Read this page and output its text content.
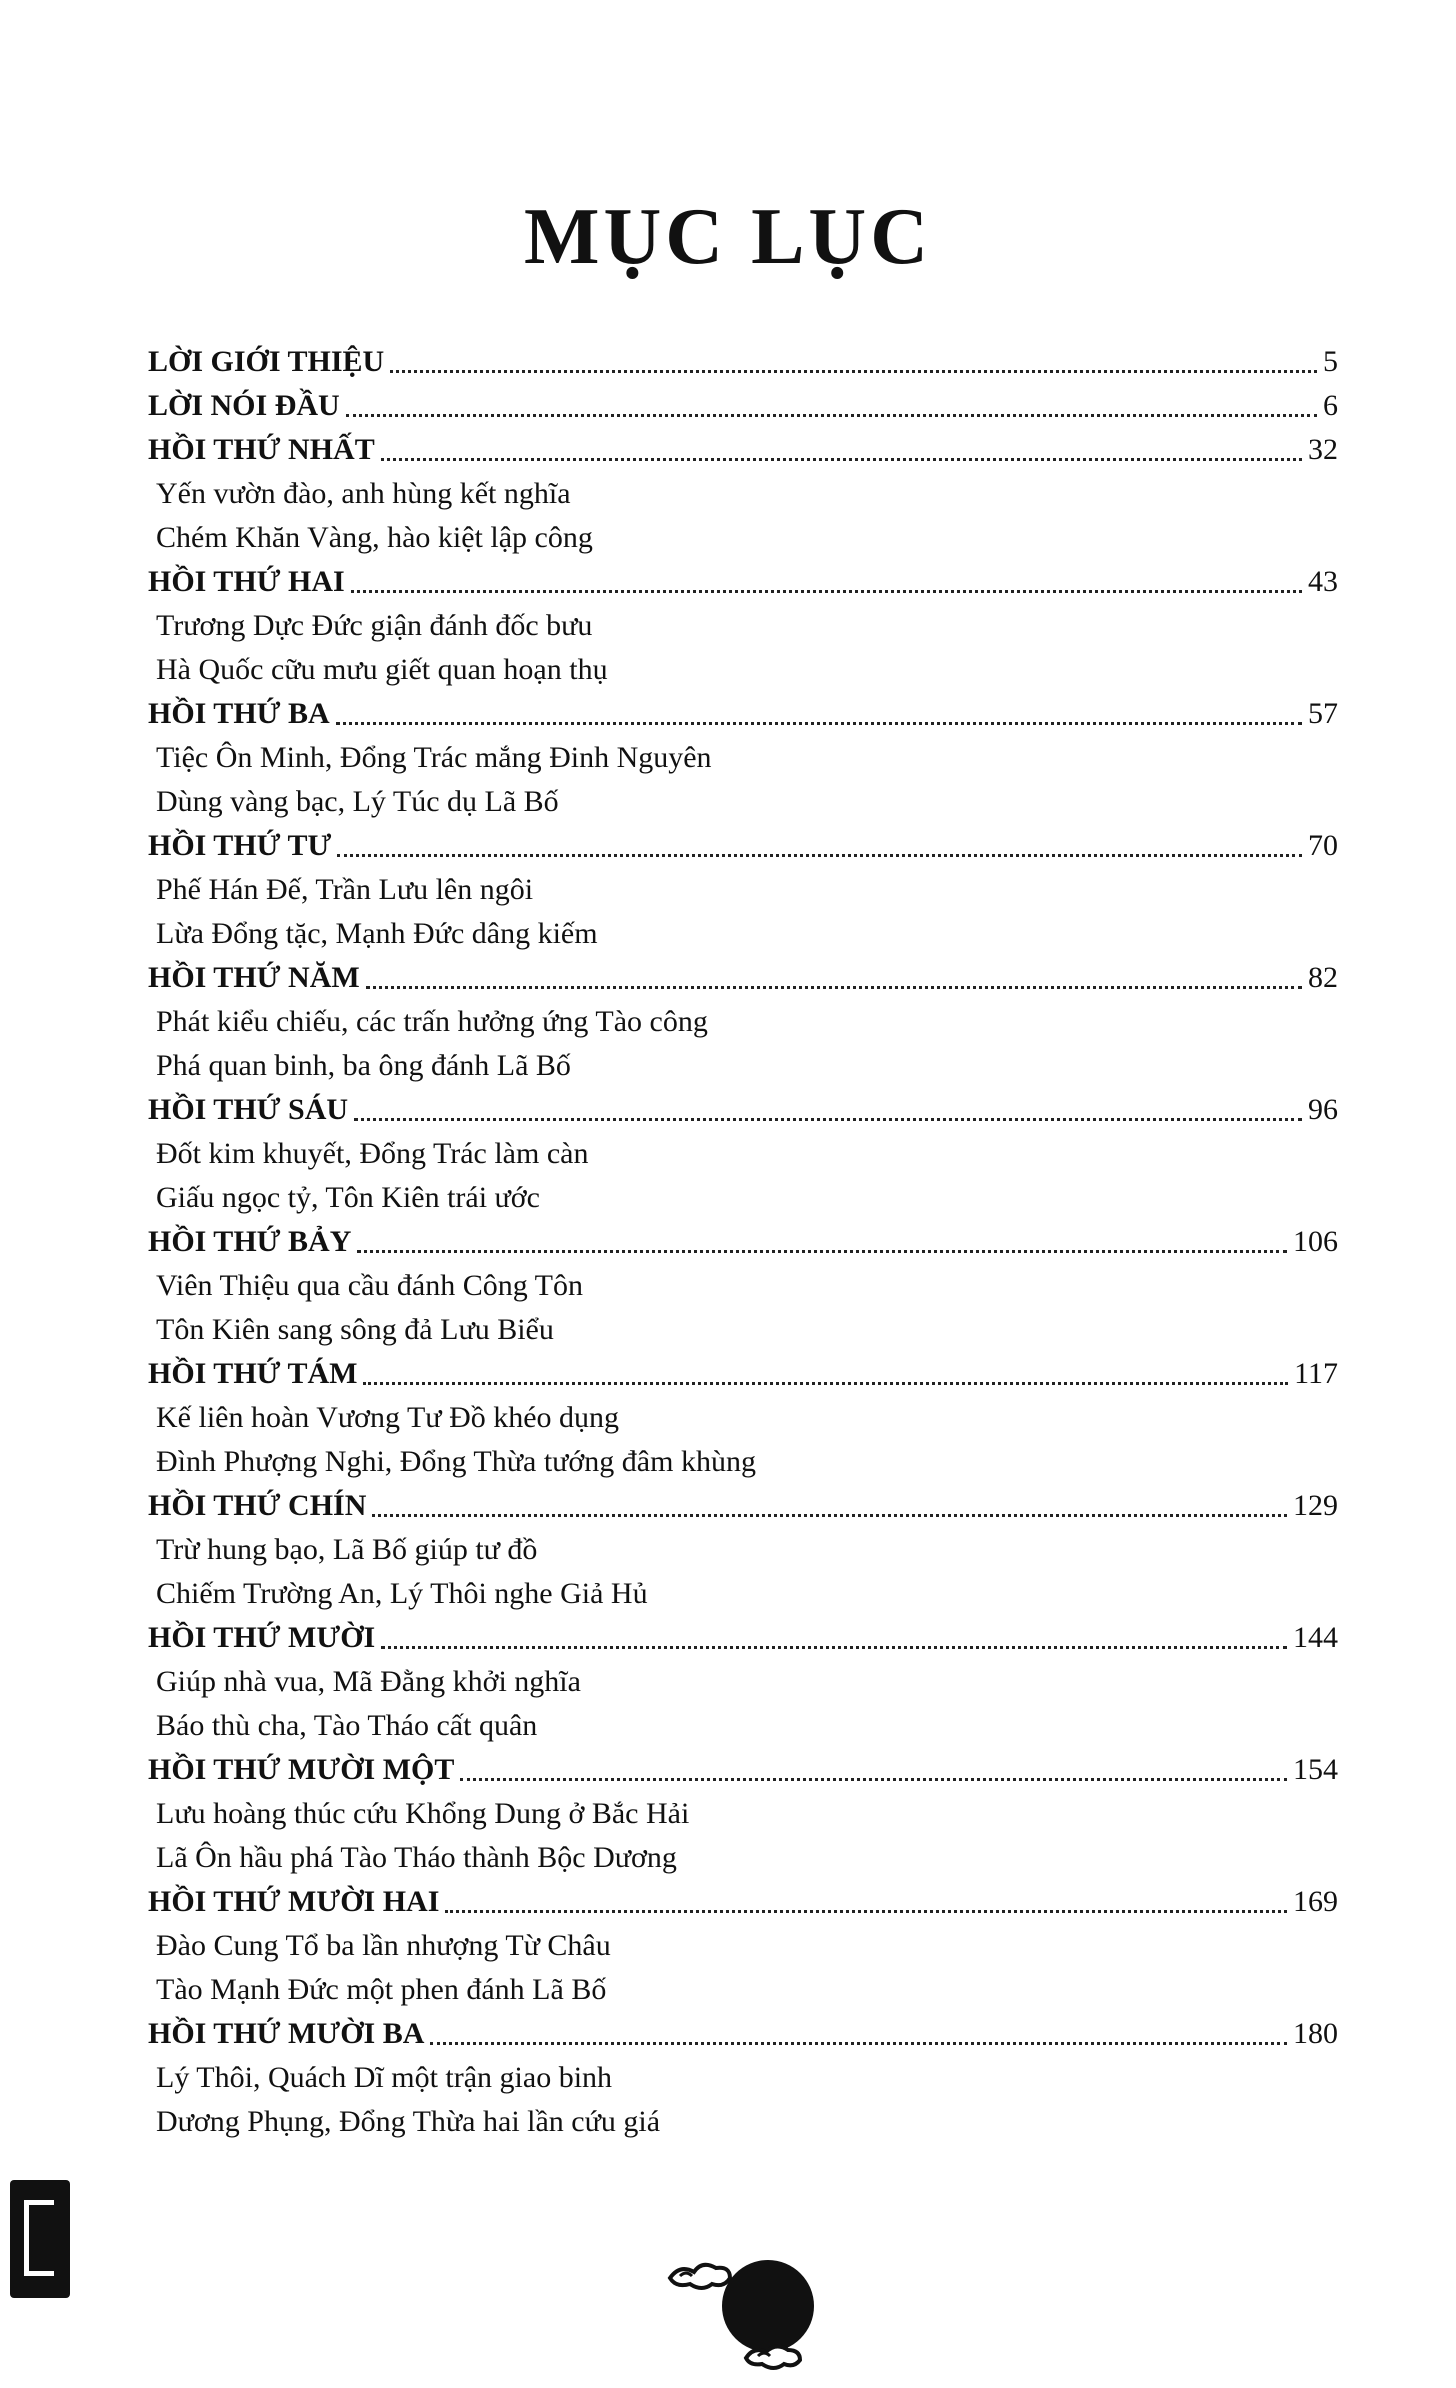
MỤC LỤC
LỜI GIỚI THIỆU	5
LỜI NÓI ĐẦU	6
HỒI THỨ NHẤT	32
Yến vườn đào, anh hùng kết nghĩa
Chém Khăn Vàng, hào kiệt lập công
HỒI THỨ HAI	43
Trương Dực Đức giận đánh đốc bưu
Hà Quốc cữu mưu giết quan hoạn thụ
HỒI THỨ BA	57
Tiệc Ôn Minh, Đổng Trác mắng Đinh Nguyên
Dùng vàng bạc, Lý Túc dụ Lã Bố
HỒI THỨ TƯ	70
Phế Hán Đế, Trần Lưu lên ngôi
Lừa Đổng tặc, Mạnh Đức dâng kiếm
HỒI THỨ NĂM	82
Phát kiểu chiếu, các trấn hưởng ứng Tào công
Phá quan binh, ba ông đánh Lã Bố
HỒI THỨ SÁU	96
Đốt kim khuyết, Đổng Trác làm càn
Giấu ngọc tỷ, Tôn Kiên trái ước
HỒI THỨ BẢY	106
Viên Thiệu qua cầu đánh Công Tôn
Tôn Kiên sang sông đả Lưu Biểu
HỒI THỨ TÁM	117
Kế liên hoàn Vương Tư Đồ khéo dụng
Đình Phượng Nghi, Đổng Thừa tướng đâm khùng
HỒI THỨ CHÍN	129
Trừ hung bạo, Lã Bố giúp tư đồ
Chiếm Trường An, Lý Thôi nghe Giả Hủ
HỒI THỨ MƯỜI	144
Giúp nhà vua, Mã Đằng khởi nghĩa
Báo thù cha, Tào Tháo cất quân
HỒI THỨ MƯỜI MỘT	154
Lưu hoàng thúc cứu Khổng Dung ở Bắc Hải
Lã Ôn hầu phá Tào Tháo thành Bộc Dương
HỒI THỨ MƯỜI HAI	169
Đào Cung Tổ ba lần nhượng Từ Châu
Tào Mạnh Đức một phen đánh Lã Bố
HỒI THỨ MƯỜI BA	180
Lý Thôi, Quách Dĩ một trận giao binh
Dương Phụng, Đổng Thừa hai lần cứu giá
